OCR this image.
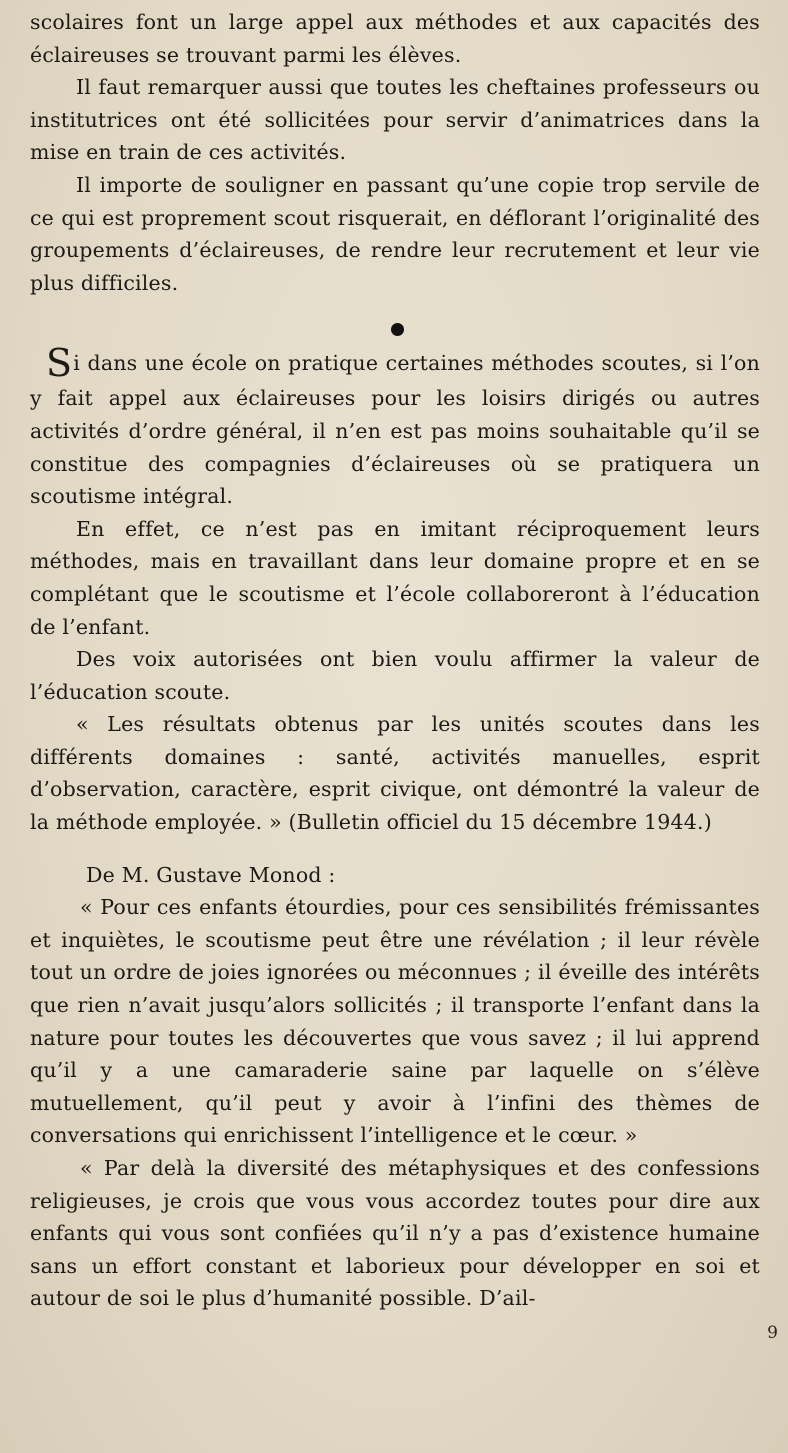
scolaires font un large appel aux méthodes et aux capacités des éclaireuses se trouvant parmi les élèves.

Il faut remarquer aussi que toutes les cheftaines professeurs ou institutrices ont été sollicitées pour servir d’animatrices dans la mise en train de ces activités.

Il importe de souligner en passant qu’une copie trop servile de ce qui est proprement scout risquerait, en déflorant l’originalité des groupements d’éclaireuses, de rendre leur recrutement et leur vie plus difficiles.

Si dans une école on pratique certaines méthodes scoutes, si l’on y fait appel aux éclaireuses pour les loisirs dirigés ou autres activités d’ordre général, il n’en est pas moins souhaitable qu’il se constitue des compagnies d’éclaireuses où se pratiquera un scoutisme intégral.

En effet, ce n’est pas en imitant réciproquement leurs méthodes, mais en travaillant dans leur domaine propre et en se complétant que le scoutisme et l’école collaboreront à l’éducation de l’enfant.

Des voix autorisées ont bien voulu affirmer la valeur de l’éducation scoute.

« Les résultats obtenus par les unités scoutes dans les différents domaines : santé, activités manuelles, esprit d’observation, caractère, esprit civique, ont démontré la valeur de la méthode employée. » (Bulletin officiel du 15 décembre 1944.)

De M. Gustave Monod :

« Pour ces enfants étourdies, pour ces sensibilités frémissantes et inquiètes, le scoutisme peut être une révélation ; il leur révèle tout un ordre de joies ignorées ou méconnues ; il éveille des intérêts que rien n’avait jusqu’alors sollicités ; il transporte l’enfant dans la nature pour toutes les découvertes que vous savez ; il lui apprend qu’il y a une camaraderie saine par laquelle on s’élève mutuellement, qu’il peut y avoir à l’infini des thèmes de conversations qui enrichissent l’intelligence et le cœur. »

« Par delà la diversité des métaphysiques et des confessions religieuses, je crois que vous vous accordez toutes pour dire aux enfants qui vous sont confiées qu’il n’y a pas d’existence humaine sans un effort constant et laborieux pour développer en soi et autour de soi le plus d’humanité possible. D’ail-

9
